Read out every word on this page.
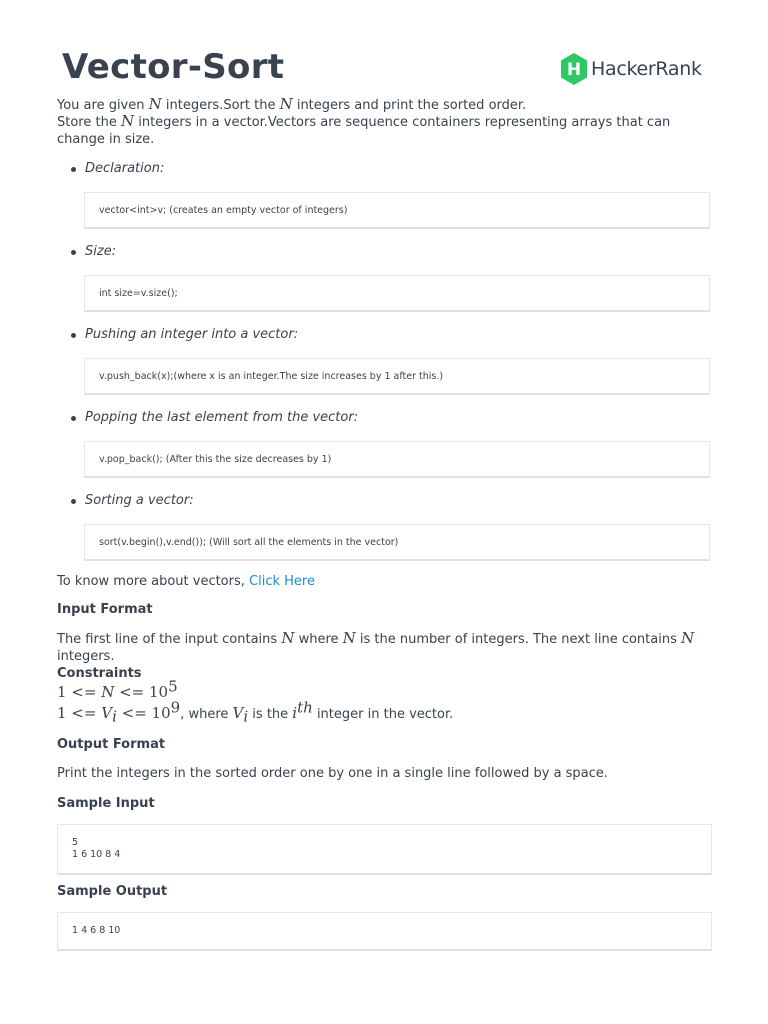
Vector-Sort	H HackerRank

You are given N integers.Sort the N integers and print the sorted order.

Store the N integers in a vector.Vectors are sequence containers representing arrays that can change in size.

Declaration:
vector<int>v; (creates an empty vector of integers)
Size:
int size=v.size();
Pushing an integer into a vector:
v.push_back(x);(where x is an integer.The size increases by 1 after this.)
Popping the last element from the vector:
v.pop_back(); (After this the size decreases by 1)
Sorting a vector:
sort(v.begin(),v.end()); (Will sort all the elements in the vector)

To know more about vectors, Click Here

Input Format

The first line of the input contains N where N is the number of integers. The next line contains N
integers.

Constraints

$1 <= N <= 10^5$

$1 <= V_i <= 10^9$, where $V_i$ is the $i^{th}$ integer in the vector.

Output Format

Print the integers in the sorted order one by one in a single line followed by a space.

Sample Input

5
1 6 10 8 4

Sample Output

1 4 6 8 10
